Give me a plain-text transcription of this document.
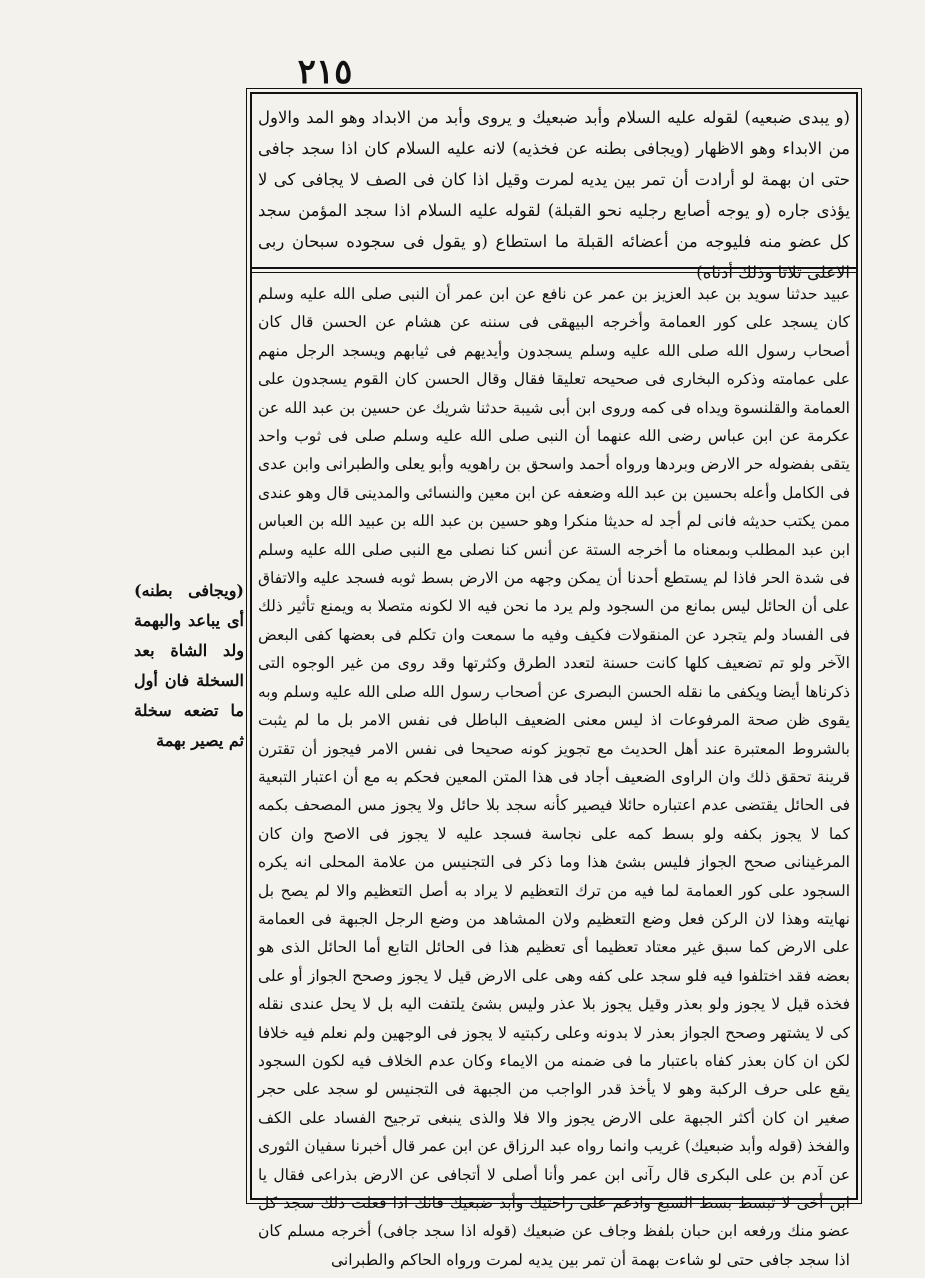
٢١٥
(ويجافى بطنه) أى يباعد والبهمة ولد الشاة بعد السخلة فان أول ما تضعه سخلة ثم يصير بهمة
(و يبدى ضبعيه) لقوله عليه السلام وأبد ضبعيك و يروى وأبد من الابداد وهو المد والاول من الابداء وهو الاظهار (ويجافى بطنه عن فخذيه) لانه عليه السلام كان اذا سجد جافى حتى ان بهمة لو أرادت أن تمر بين يديه لمرت وقيل اذا كان فى الصف لا يجافى كى لا يؤذى جاره (و يوجه أصابع رجليه نحو القبلة) لقوله عليه السلام اذا سجد المؤمن سجد كل عضو منه فليوجه من أعضائه القبلة ما استطاع (و يقول فى سجوده سبحان ربى الاعلى ثلاثا وذلك أدناه)
عبيد حدثنا سويد بن عبد العزيز بن عمر عن نافع عن ابن عمر أن النبى صلى الله عليه وسلم كان يسجد على كور العمامة وأخرجه البيهقى فى سننه عن هشام عن الحسن قال كان أصحاب رسول الله صلى الله عليه وسلم يسجدون وأيديهم فى ثيابهم ويسجد الرجل منهم على عمامته وذكره البخارى فى صحيحه تعليقا فقال وقال الحسن كان القوم يسجدون على العمامة والقلنسوة ويداه فى كمه وروى ابن أبى شيبة حدثنا شريك عن حسين بن عبد الله عن عكرمة عن ابن عباس رضى الله عنهما أن النبى صلى الله عليه وسلم صلى فى ثوب واحد يتقى بفضوله حر الارض وبردها ورواه أحمد واسحق بن راهويه وأبو يعلى والطبرانى وابن عدى فى الكامل وأعله بحسين بن عبد الله وضعفه عن ابن معين والنسائى والمدينى قال وهو عندى ممن يكتب حديثه فانى لم أجد له حديثا منكرا وهو حسين بن عبد الله بن عبيد الله بن العباس ابن عبد المطلب وبمعناه ما أخرجه الستة عن أنس كنا نصلى مع النبى صلى الله عليه وسلم فى شدة الحر فاذا لم يستطع أحدنا أن يمكن وجهه من الارض بسط ثوبه فسجد عليه والاتفاق على أن الحائل ليس بمانع من السجود ولم يرد ما نحن فيه الا لكونه متصلا به ويمنع تأثير ذلك فى الفساد ولم يتجرد عن المنقولات فكيف وفيه ما سمعت وان تكلم فى بعضها كفى البعض الآخر ولو تم تضعيف كلها كانت حسنة لتعدد الطرق وكثرتها وقد روى من غير الوجوه التى ذكرناها أيضا ويكفى ما نقله الحسن البصرى عن أصحاب رسول الله صلى الله عليه وسلم وبه يقوى ظن صحة المرفوعات اذ ليس معنى الضعيف الباطل فى نفس الامر بل ما لم يثبت بالشروط المعتبرة عند أهل الحديث مع تجويز كونه صحيحا فى نفس الامر فيجوز أن تقترن قرينة تحقق ذلك وان الراوى الضعيف أجاد فى هذا المتن المعين فحكم به مع أن اعتبار التبعية فى الحائل يقتضى عدم اعتباره حائلا فيصير كأنه سجد بلا حائل ولا يجوز مس المصحف بكمه كما لا يجوز بكفه ولو بسط كمه على نجاسة فسجد عليه لا يجوز فى الاصح وان كان المرغينانى صحح الجواز فليس بشئ هذا وما ذكر فى التجنيس من علامة المحلى انه يكره السجود على كور العمامة لما فيه من ترك التعظيم لا يراد به أصل التعظيم والا لم يصح بل نهايته وهذا لان الركن فعل وضع التعظيم ولان المشاهد من وضع الرجل الجبهة فى العمامة على الارض كما سبق غير معتاد تعظيما أى تعظيم هذا فى الحائل التابع أما الحائل الذى هو بعضه فقد اختلفوا فيه فلو سجد على كفه وهى على الارض قيل لا يجوز وصحح الجواز أو على فخذه قيل لا يجوز ولو بعذر وقيل يجوز بلا عذر وليس بشئ يلتفت اليه بل لا يحل عندى نقله كى لا يشتهر وصحح الجواز بعذر لا بدونه وعلى ركبتيه لا يجوز فى الوجهين ولم نعلم فيه خلافا لكن ان كان بعذر كفاه باعتبار ما فى ضمنه من الايماء وكان عدم الخلاف فيه لكون السجود يقع على حرف الركبة وهو لا يأخذ قدر الواجب من الجبهة فى التجنيس لو سجد على حجر صغير ان كان أكثر الجبهة على الارض يجوز والا فلا والذى ينبغى ترجيح الفساد على الكف والفخذ (قوله وأبد ضبعيك) غريب وانما رواه عبد الرزاق عن ابن عمر قال أخبرنا سفيان الثورى عن آدم بن على البكرى قال رآنى ابن عمر وأنا أصلى لا أتجافى عن الارض بذراعى فقال يا ابن أخى لا تبسط بسط السبع وادعم على راحتيك وأبد ضبعيك فانك اذا فعلت ذلك سجد كل عضو منك ورفعه ابن حبان بلفظ وجاف عن ضبعيك (قوله اذا سجد جافى) أخرجه مسلم كان اذا سجد جافى حتى لو شاءت بهمة أن تمر بين يديه لمرت ورواه الحاكم والطبرانى
